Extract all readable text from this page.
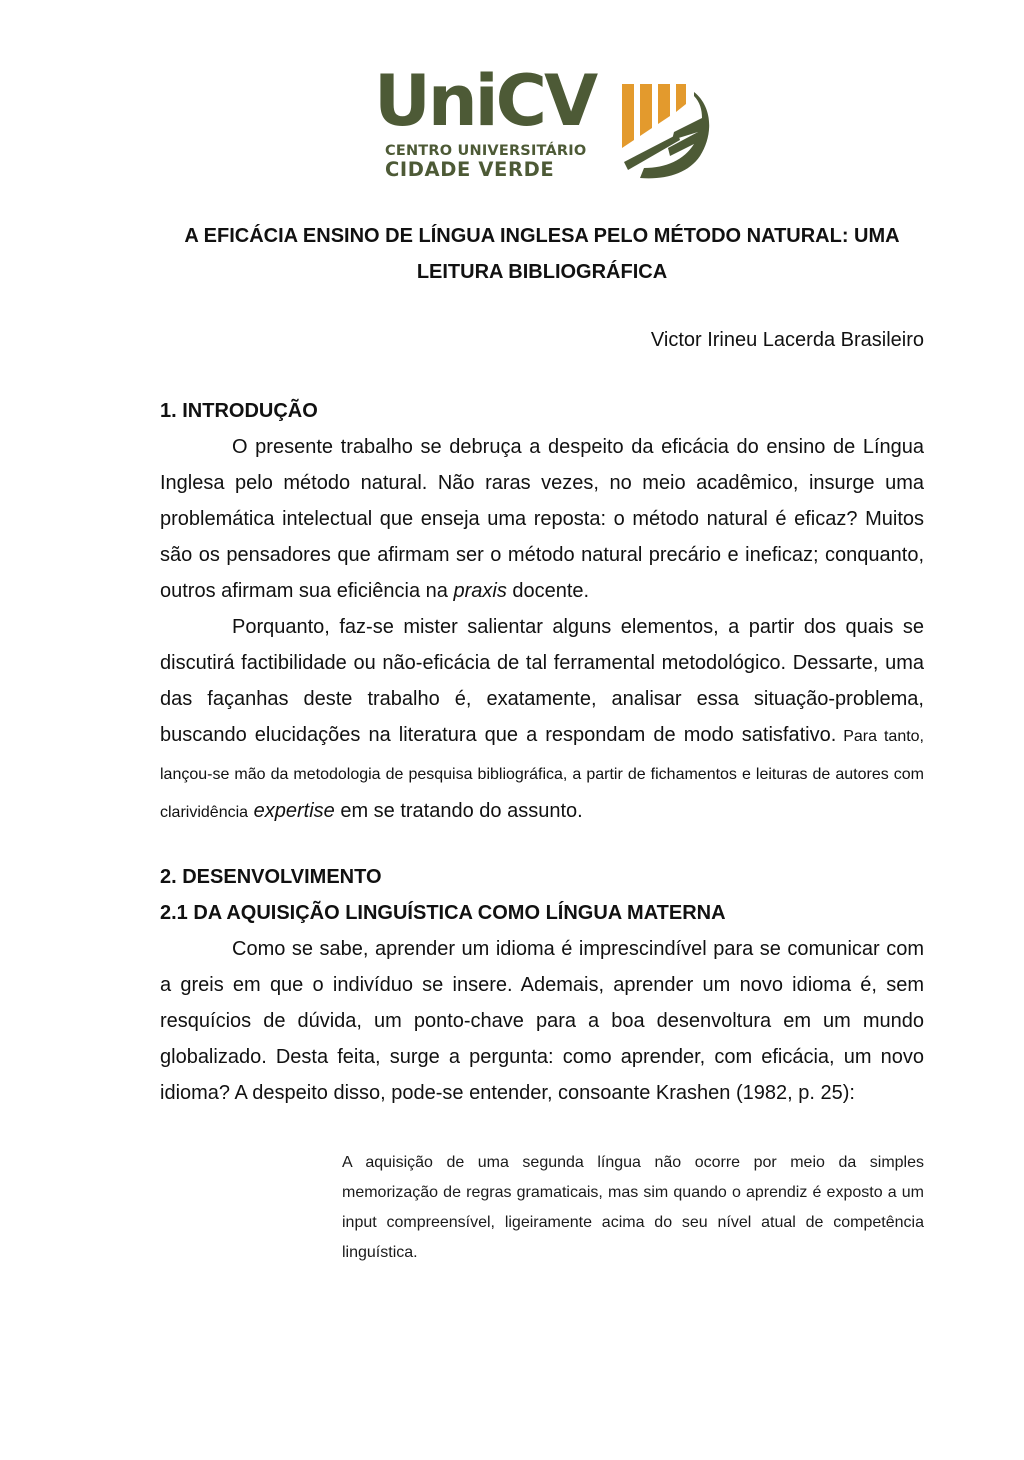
UniCV
CENTRO UNIVERSITÁRIO
CIDADE VERDE
A EFICÁCIA ENSINO DE LÍNGUA INGLESA PELO MÉTODO NATURAL: UMA
LEITURA BIBLIOGRÁFICA
Victor Irineu Lacerda Brasileiro
1. INTRODUÇÃO

O presente trabalho se debruça a despeito da eficácia do ensino de Língua Inglesa pelo método natural. Não raras vezes, no meio acadêmico, insurge uma problemática intelectual que enseja uma reposta: o método natural é eficaz? Muitos são os pensadores que afirmam ser o método natural precário e ineficaz; conquanto, outros afirmam sua eficiência na praxis docente.

Porquanto, faz-se mister salientar alguns elementos, a partir dos quais se discutirá factibilidade ou não-eficácia de tal ferramental metodológico. Dessarte, uma das façanhas deste trabalho é, exatamente, analisar essa situação-problema, buscando elucidações na literatura que a respondam de modo satisfativo. Para tanto, lançou-se mão da metodologia de pesquisa bibliográfica, a partir de fichamentos e leituras de autores com clarividência expertise em se tratando do assunto.

2. DESENVOLVIMENTO
2.1 DA AQUISIÇÃO LINGUÍSTICA COMO LÍNGUA MATERNA

Como se sabe, aprender um idioma é imprescindível para se comunicar com a greis em que o indivíduo se insere. Ademais, aprender um novo idioma é, sem resquícios de dúvida, um ponto-chave para a boa desenvoltura em um mundo globalizado. Desta feita, surge a pergunta: como aprender, com eficácia, um novo idioma? A despeito disso, pode-se entender, consoante Krashen (1982, p. 25):

A aquisição de uma segunda língua não ocorre por meio da simples memorização de regras gramaticais, mas sim quando o aprendiz é exposto a um input compreensível, ligeiramente acima do seu nível atual de competência linguística.
